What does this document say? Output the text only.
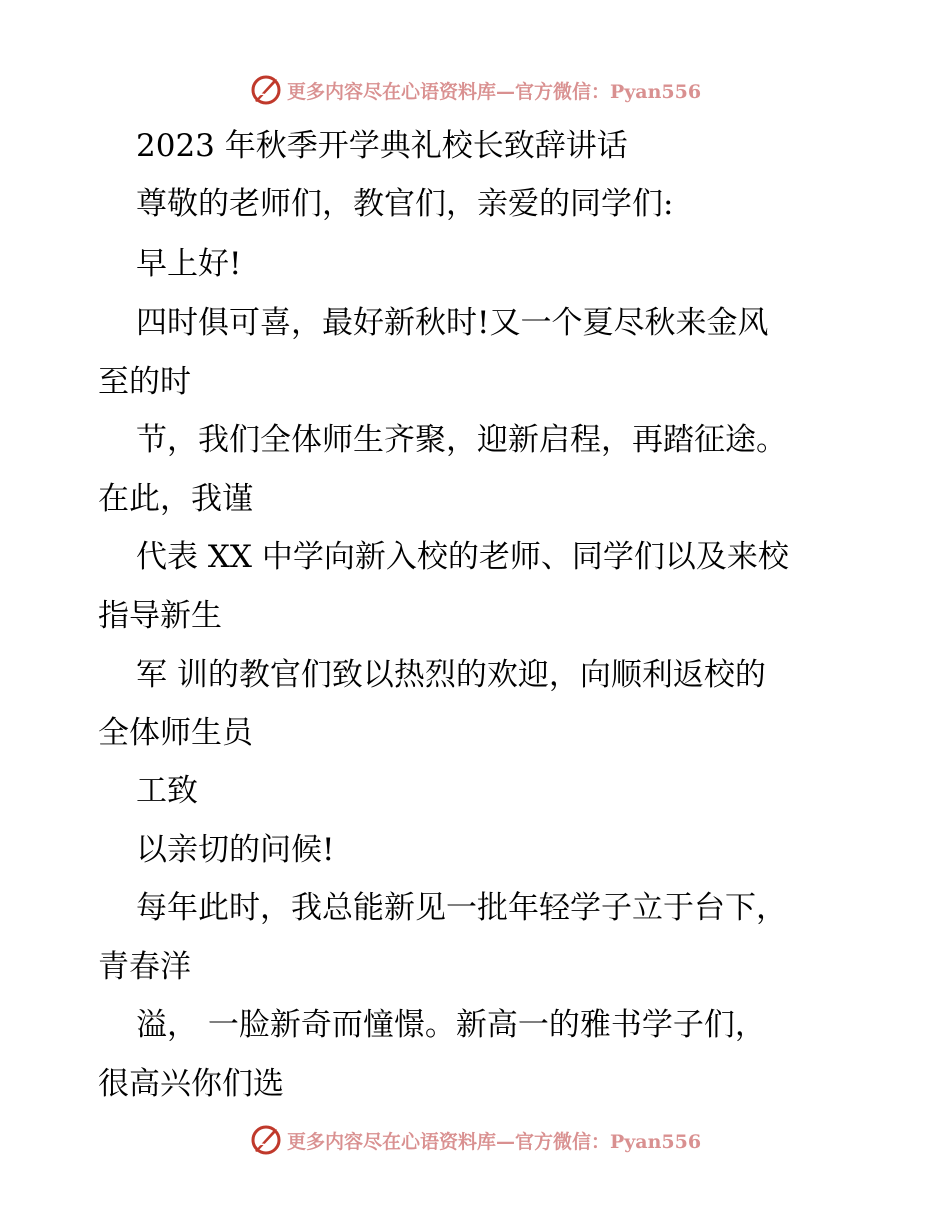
更多内容尽在心语资料库—官方微信：Pyan556
2023 年秋季开学典礼校长致辞讲话
尊敬的老师们，教官们，亲爱的同学们:
早上好!
四时俱可喜，最好新秋时!又一个夏尽秋来金风
至的时
节，我们全体师生齐聚，迎新启程，再踏征途。
在此，我谨
代表 XX 中学向新入校的老师、同学们以及来校
指导新生
军 训的教官们致以热烈的欢迎，向顺利返校的
全体师生员
工致
以亲切的问候!
每年此时，我总能新见一批年轻学子立于台下，
青春洋
溢， 一脸新奇而憧憬。新高一的雅书学子们，
很高兴你们选
更多内容尽在心语资料库—官方微信：Pyan556
